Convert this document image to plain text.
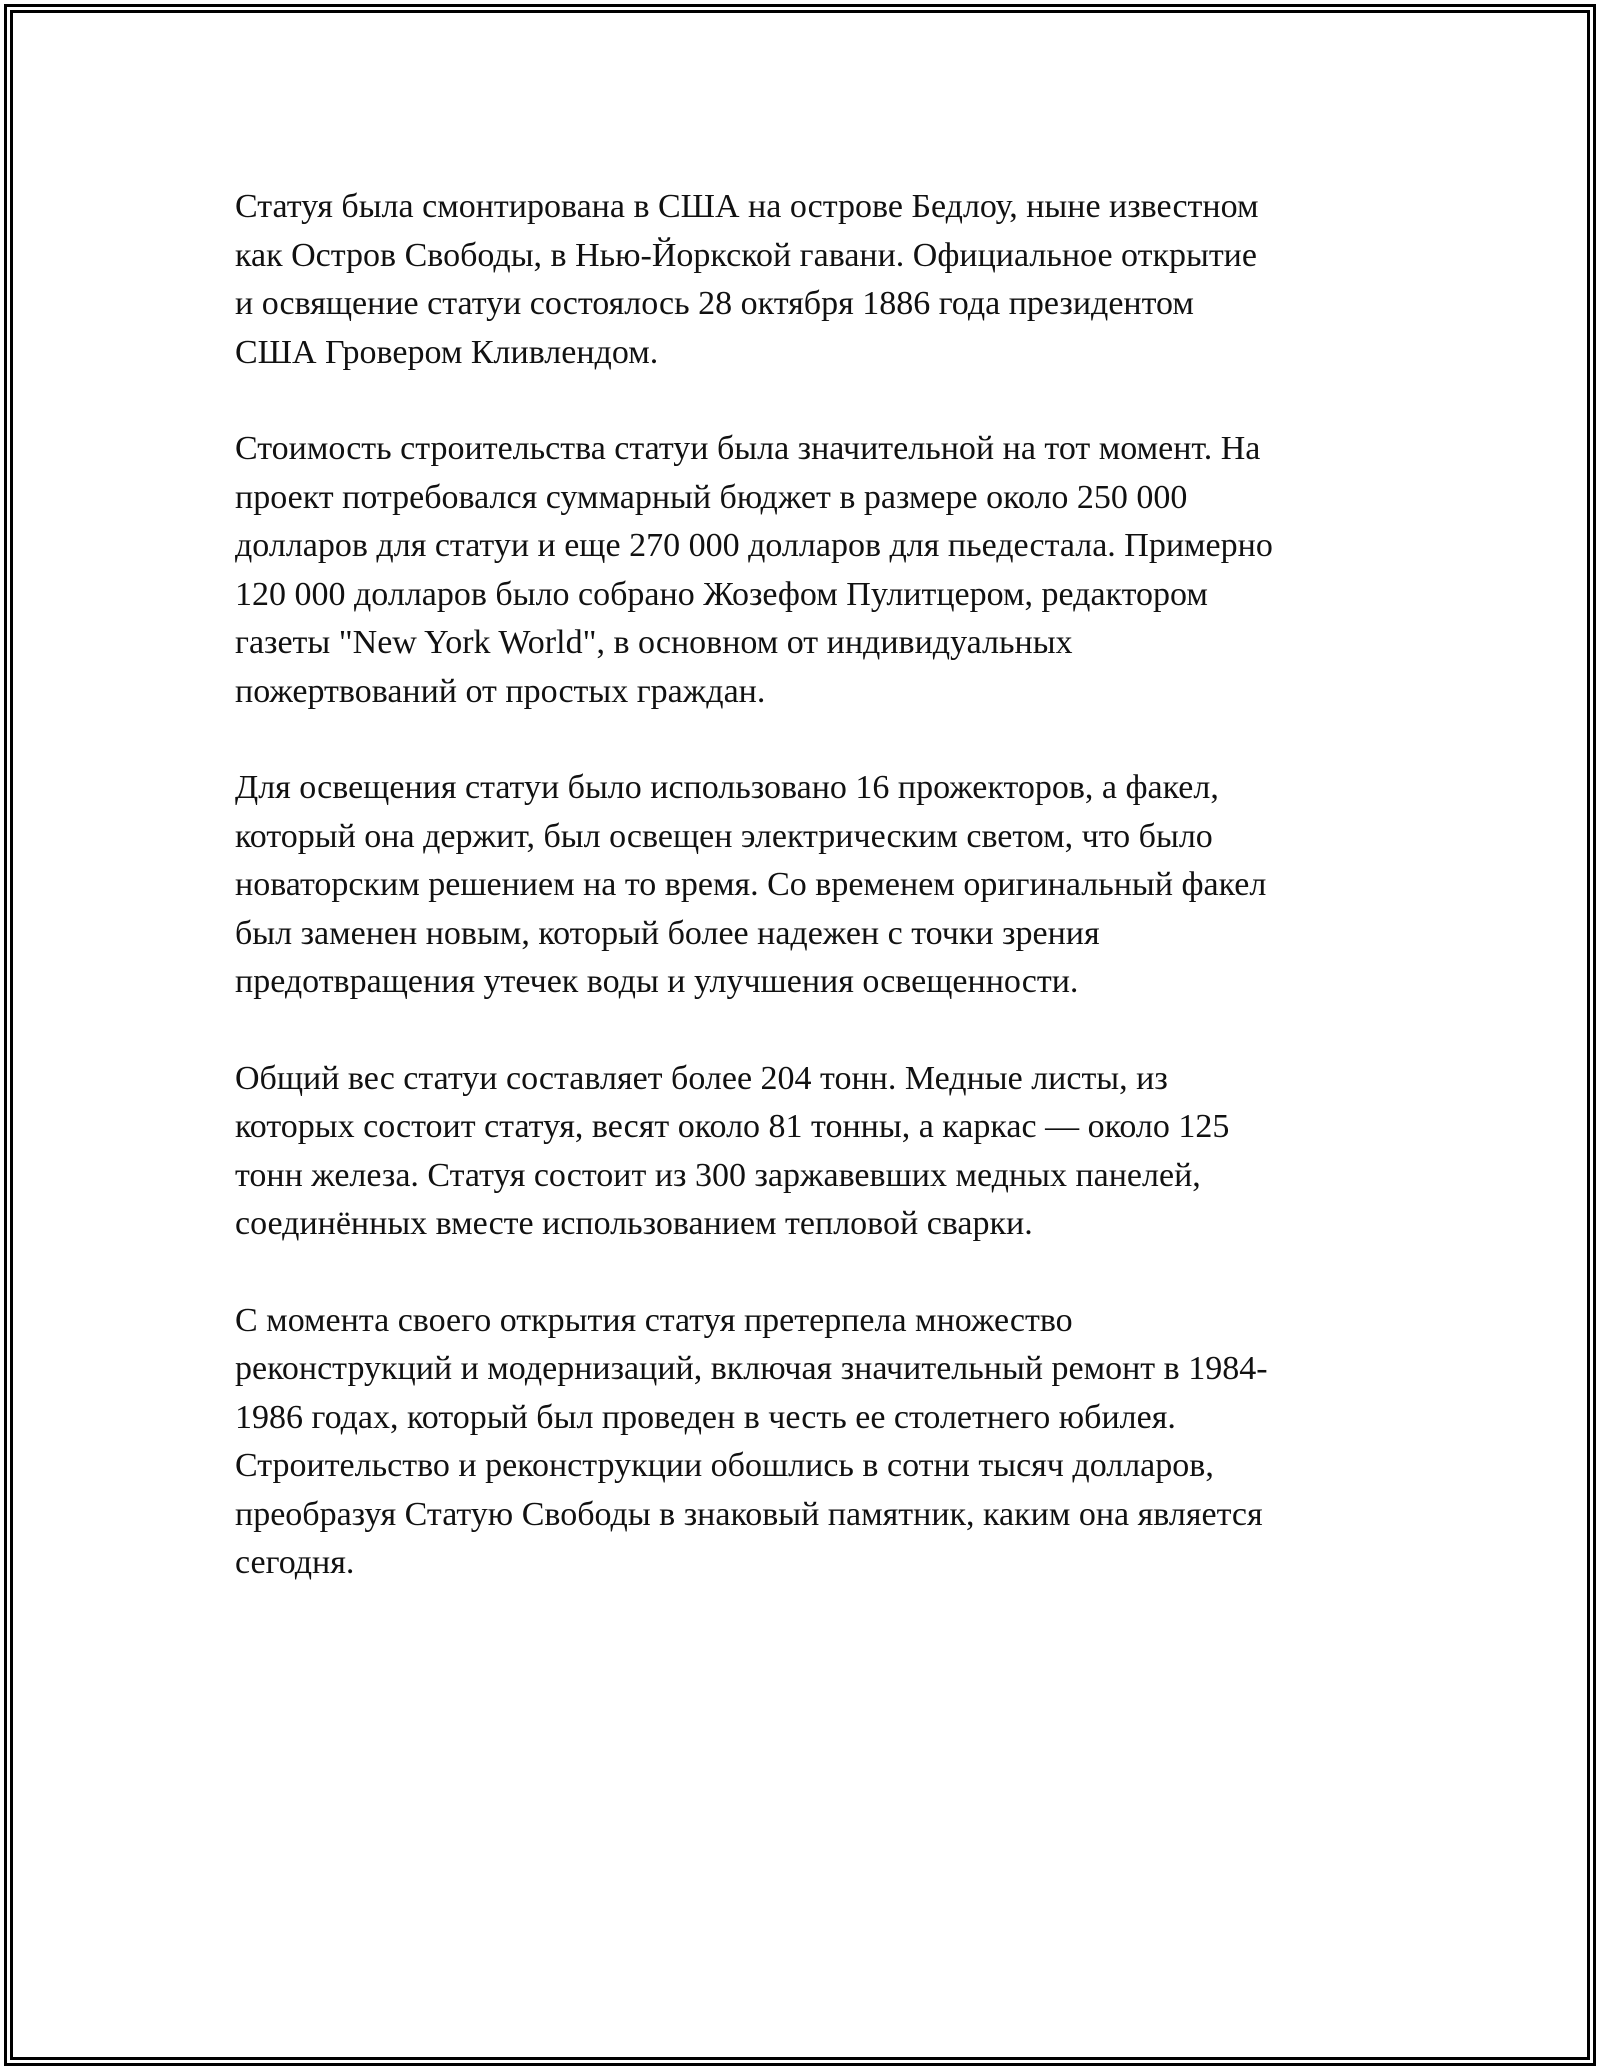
Статуя была смонтирована в США на острове Бедлоу, ныне известном
как Остров Свободы, в Нью-Йоркской гавани. Официальное открытие
и освящение статуи состоялось 28 октября 1886 года президентом
США Гровером Кливлендом.

Стоимость строительства статуи была значительной на тот момент. На
проект потребовался суммарный бюджет в размере около 250 000
долларов для статуи и еще 270 000 долларов для пьедестала. Примерно
120 000 долларов было собрано Жозефом Пулитцером, редактором
газеты "New York World", в основном от индивидуальных
пожертвований от простых граждан.

Для освещения статуи было использовано 16 прожекторов, а факел,
который она держит, был освещен электрическим светом, что было
новаторским решением на то время. Со временем оригинальный факел
был заменен новым, который более надежен с точки зрения
предотвращения утечек воды и улучшения освещенности.

Общий вес статуи составляет более 204 тонн. Медные листы, из
которых состоит статуя, весят около 81 тонны, а каркас — около 125
тонн железа. Статуя состоит из 300 заржавевших медных панелей,
соединённых вместе использованием тепловой сварки.

С момента своего открытия статуя претерпела множество
реконструкций и модернизаций, включая значительный ремонт в 1984-
1986 годах, который был проведен в честь ее столетнего юбилея.
Строительство и реконструкции обошлись в сотни тысяч долларов,
преобразуя Статую Свободы в знаковый памятник, каким она является
сегодня.
